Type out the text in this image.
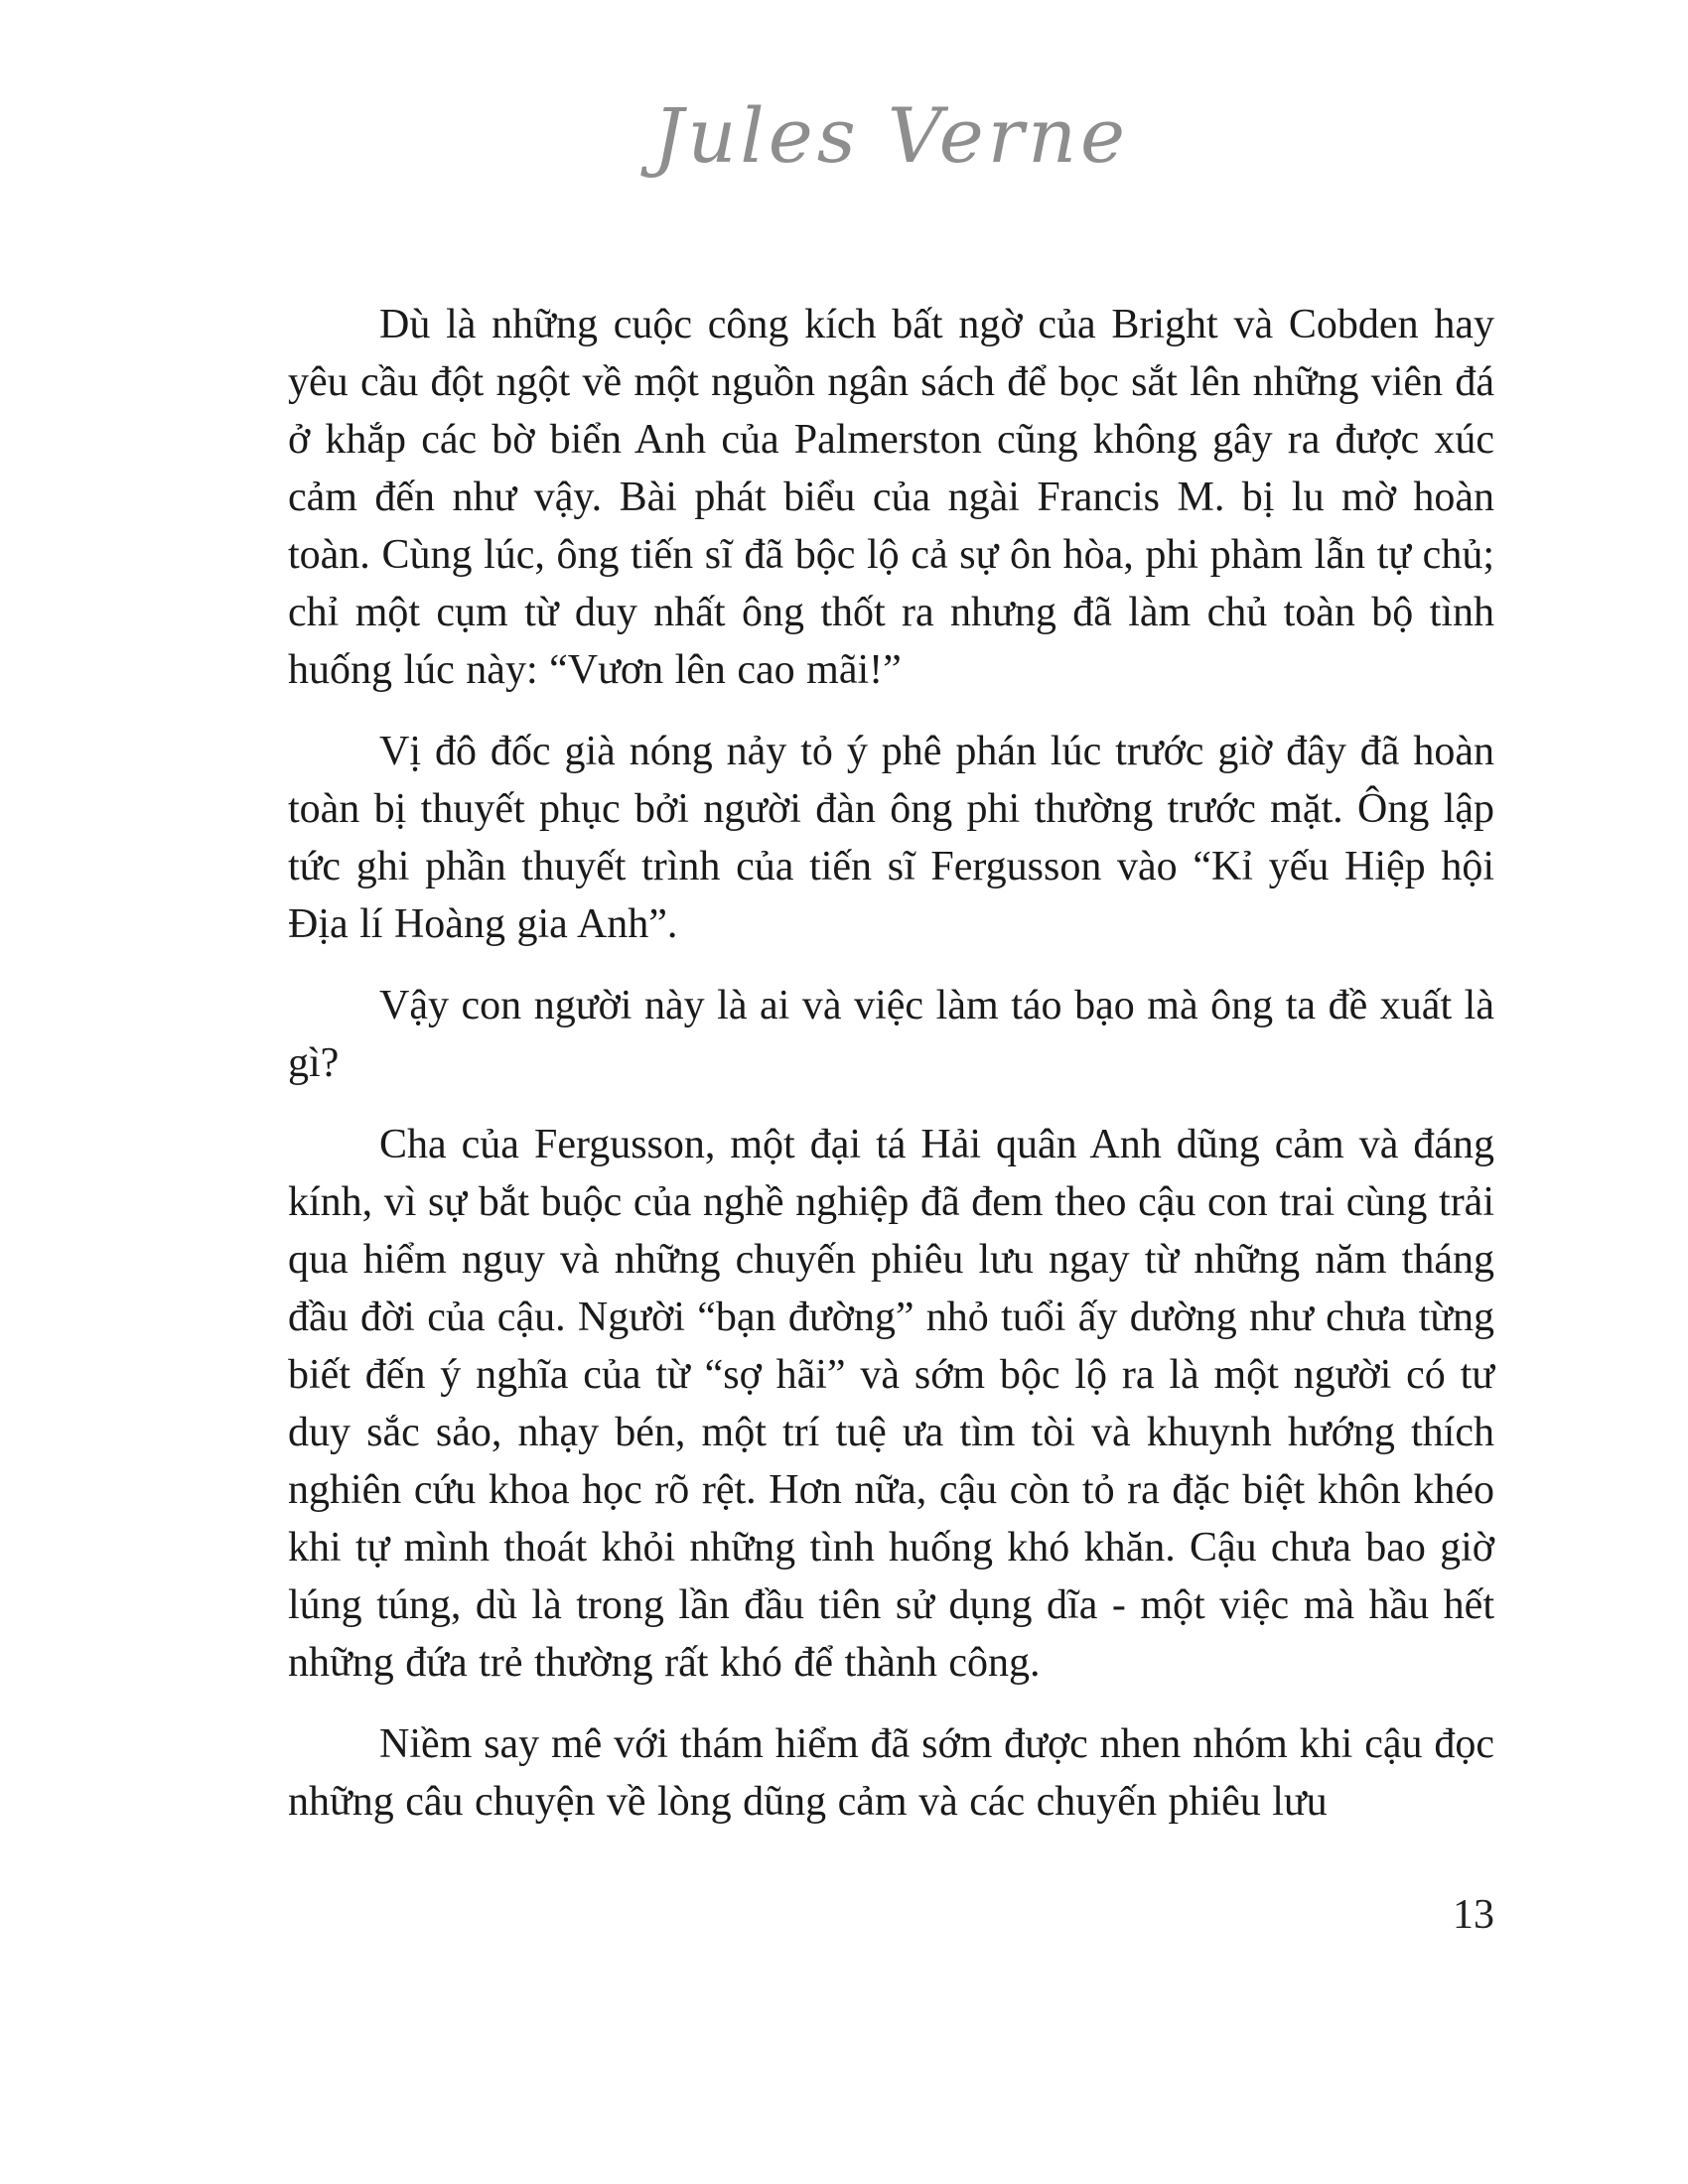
Jules Verne

Dù là những cuộc công kích bất ngờ của Bright và Cobden hay yêu cầu đột ngột về một nguồn ngân sách để bọc sắt lên những viên đá ở khắp các bờ biển Anh của Palmerston cũng không gây ra được xúc cảm đến như vậy. Bài phát biểu của ngài Francis M. bị lu mờ hoàn toàn. Cùng lúc, ông tiến sĩ đã bộc lộ cả sự ôn hòa, phi phàm lẫn tự chủ; chỉ một cụm từ duy nhất ông thốt ra nhưng đã làm chủ toàn bộ tình huống lúc này: “Vươn lên cao mãi!”

Vị đô đốc già nóng nảy tỏ ý phê phán lúc trước giờ đây đã hoàn toàn bị thuyết phục bởi người đàn ông phi thường trước mặt. Ông lập tức ghi phần thuyết trình của tiến sĩ Fergusson vào “Kỉ yếu Hiệp hội Địa lí Hoàng gia Anh”.

Vậy con người này là ai và việc làm táo bạo mà ông ta đề xuất là gì?

Cha của Fergusson, một đại tá Hải quân Anh dũng cảm và đáng kính, vì sự bắt buộc của nghề nghiệp đã đem theo cậu con trai cùng trải qua hiểm nguy và những chuyến phiêu lưu ngay từ những năm tháng đầu đời của cậu. Người “bạn đường” nhỏ tuổi ấy dường như chưa từng biết đến ý nghĩa của từ “sợ hãi” và sớm bộc lộ ra là một người có tư duy sắc sảo, nhạy bén, một trí tuệ ưa tìm tòi và khuynh hướng thích nghiên cứu khoa học rõ rệt. Hơn nữa, cậu còn tỏ ra đặc biệt khôn khéo khi tự mình thoát khỏi những tình huống khó khăn. Cậu chưa bao giờ lúng túng, dù là trong lần đầu tiên sử dụng dĩa - một việc mà hầu hết những đứa trẻ thường rất khó để thành công.

Niềm say mê với thám hiểm đã sớm được nhen nhóm khi cậu đọc những câu chuyện về lòng dũng cảm và các chuyến phiêu lưu

13
